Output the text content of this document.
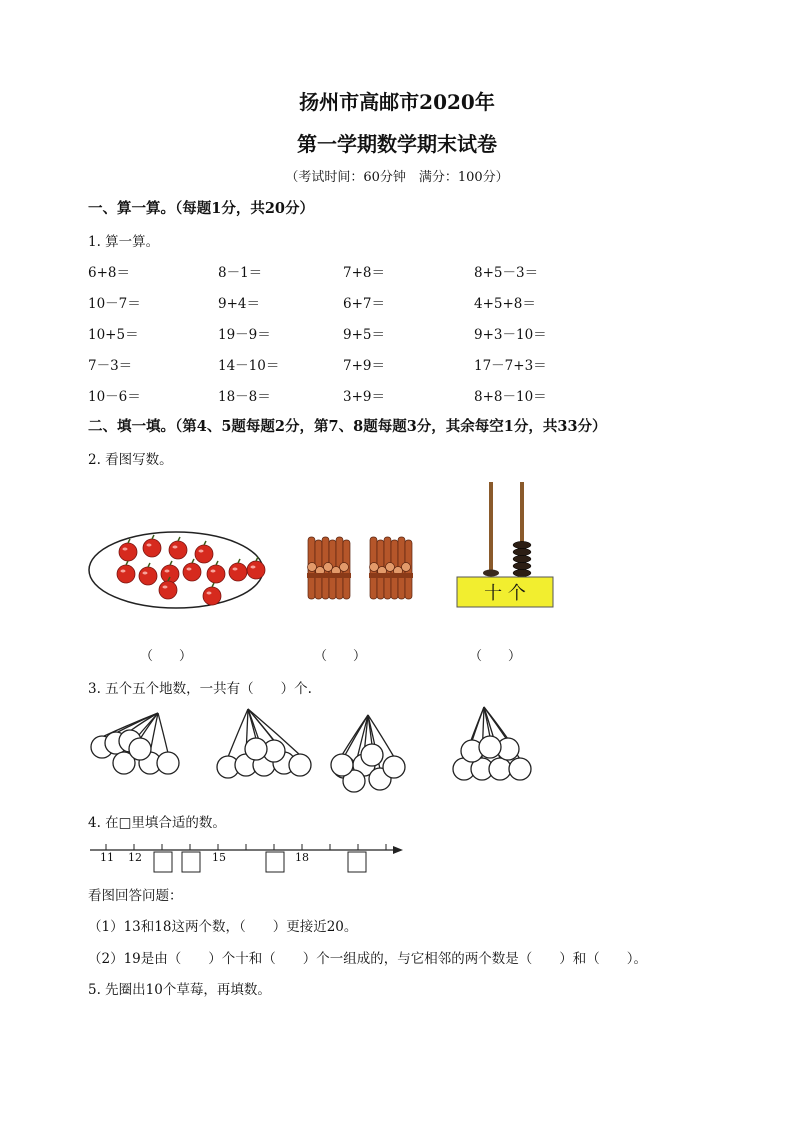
扬州市高邮市2020年
第一学期数学期末试卷
（考试时间：60分钟　满分：100分）
一、算一算。（每题1分，共20分）
1. 算一算。
6+8＝	8－1＝	7+8＝	8+5－3＝
10－7＝	9+4＝	6+7＝	4+5+8＝
10+5＝	19－9＝	9+5＝	9+3－10＝
7－3＝	14－10＝	7+9＝	17－7+3＝
10－6＝	18－8＝	3+9＝	8+8－10＝
二、填一填。（第4、5题每题2分，第7、8题每题3分，其余每空1分，共33分）
2. 看图写数。
十 个
（　　）	（　　）	（　　）
3. 五个五个地数，一共有（　　）个.
4. 在□里填合适的数。
11 12	15	18
看图回答问题：
（1）13和18这两个数，（　　）更接近20。
（2）19是由（　　）个十和（　　）个一组成的，与它相邻的两个数是（　　）和（　　）。
5. 先圈出10个草莓，再填数。
